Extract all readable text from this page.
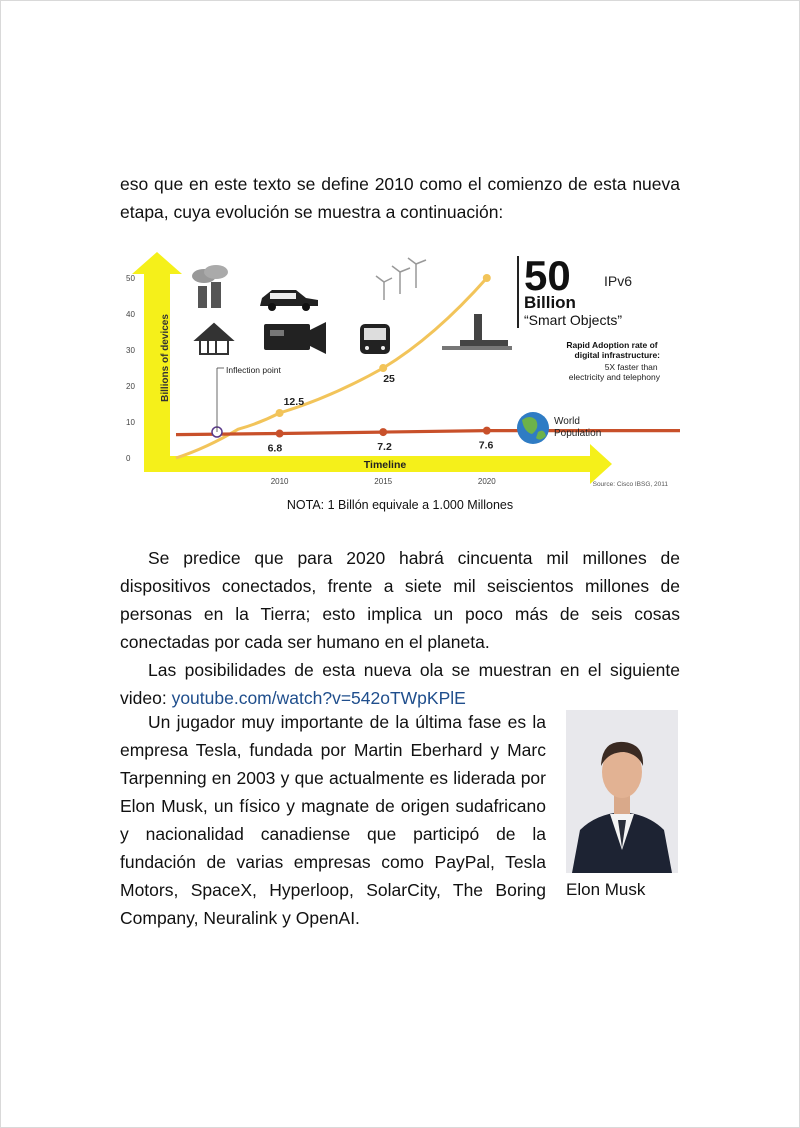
eso que en este texto se define 2010 como el comienzo de esta nueva etapa, cuya evolución se muestra a continuación:

Billions of devices
0
10
20
30
40
50
Timeline
2010	2015	2020
12.5
25
6.8	7.2	7.6
Inflection point
50
Billion
“Smart Objects”
IPv6
Rapid Adoption rate of digital infrastructure:
5X faster than electricity and telephony
World Population
Source: Cisco IBSG, 2011
NOTA: 1 Billón equivale a 1.000 Millones

Se predice que para 2020 habrá cincuenta mil millones de dispositivos conectados, frente a siete mil seiscientos millones de personas en la Tierra; esto implica un poco más de seis cosas conectadas por cada ser humano en el planeta.

Las posibilidades de esta nueva ola se muestran en el siguiente video: youtube.com/watch?v=542oTWpKPlE

Un jugador muy importante de la última fase es la empresa Tesla, fundada por Martin Eberhard y Marc Tarpenning en 2003 y que actualmente es liderada por Elon Musk, un físico y magnate de origen sudafricano y nacionalidad canadiense que participó de la fundación de varias empresas como PayPal, Tesla Motors, SpaceX, Hyperloop, SolarCity, The Boring Company, Neuralink y OpenAI.

Elon Musk
